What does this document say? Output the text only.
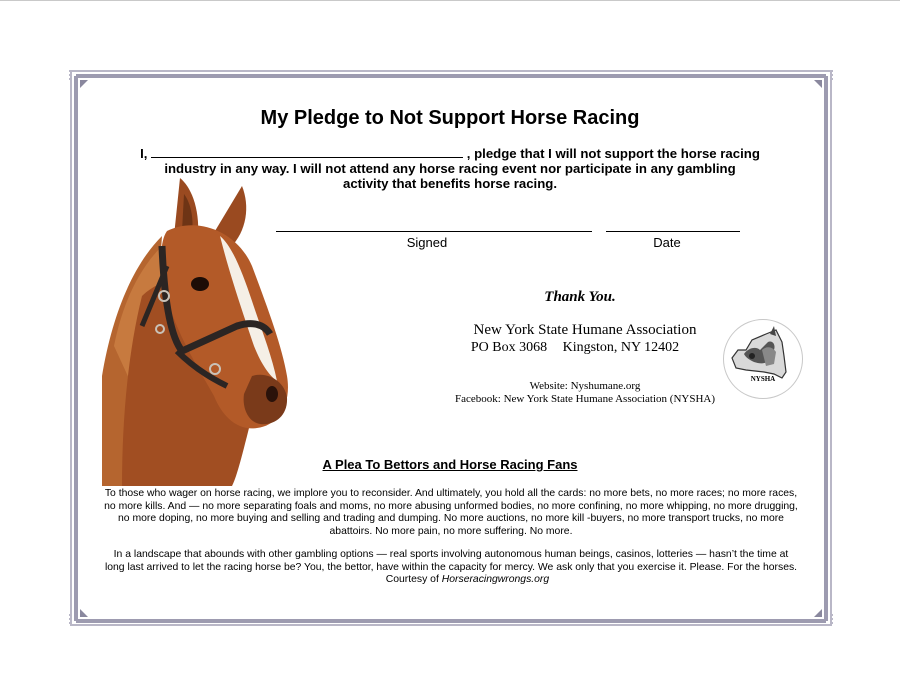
My Pledge to Not Support Horse Racing
I,	, pledge that I will not support the horse racing
industry in any way. I will not attend any horse racing event nor participate in any gambling
activity that benefits horse racing.
Signed	Date
Thank You.
New York State Humane Association
PO Box 3068 Kingston, NY 12402
Website: Nyshumane.org
Facebook: New York State Humane Association (NYSHA)
NYSHA
A Plea To Bettors and Horse Racing Fans
To those who wager on horse racing, we implore you to reconsider. And ultimately, you hold all the cards: no more bets, no more races; no more races, no more kills. And — no more separating foals and moms, no more abusing unformed bodies, no more confining, no more whipping, no more drugging, no more doping, no more buying and selling and trading and dumping. No more auctions, no more kill -buyers, no more transport trucks, no more abattoirs. No more pain, no more suffering. No more.
In a landscape that abounds with other gambling options — real sports involving autonomous human beings, casinos, lotteries — hasn’t the time at long last arrived to let the racing horse be? You, the bettor, have within the capacity for mercy. We ask only that you exercise it. Please. For the horses.  Courtesy of Horseracingwrongs.org
